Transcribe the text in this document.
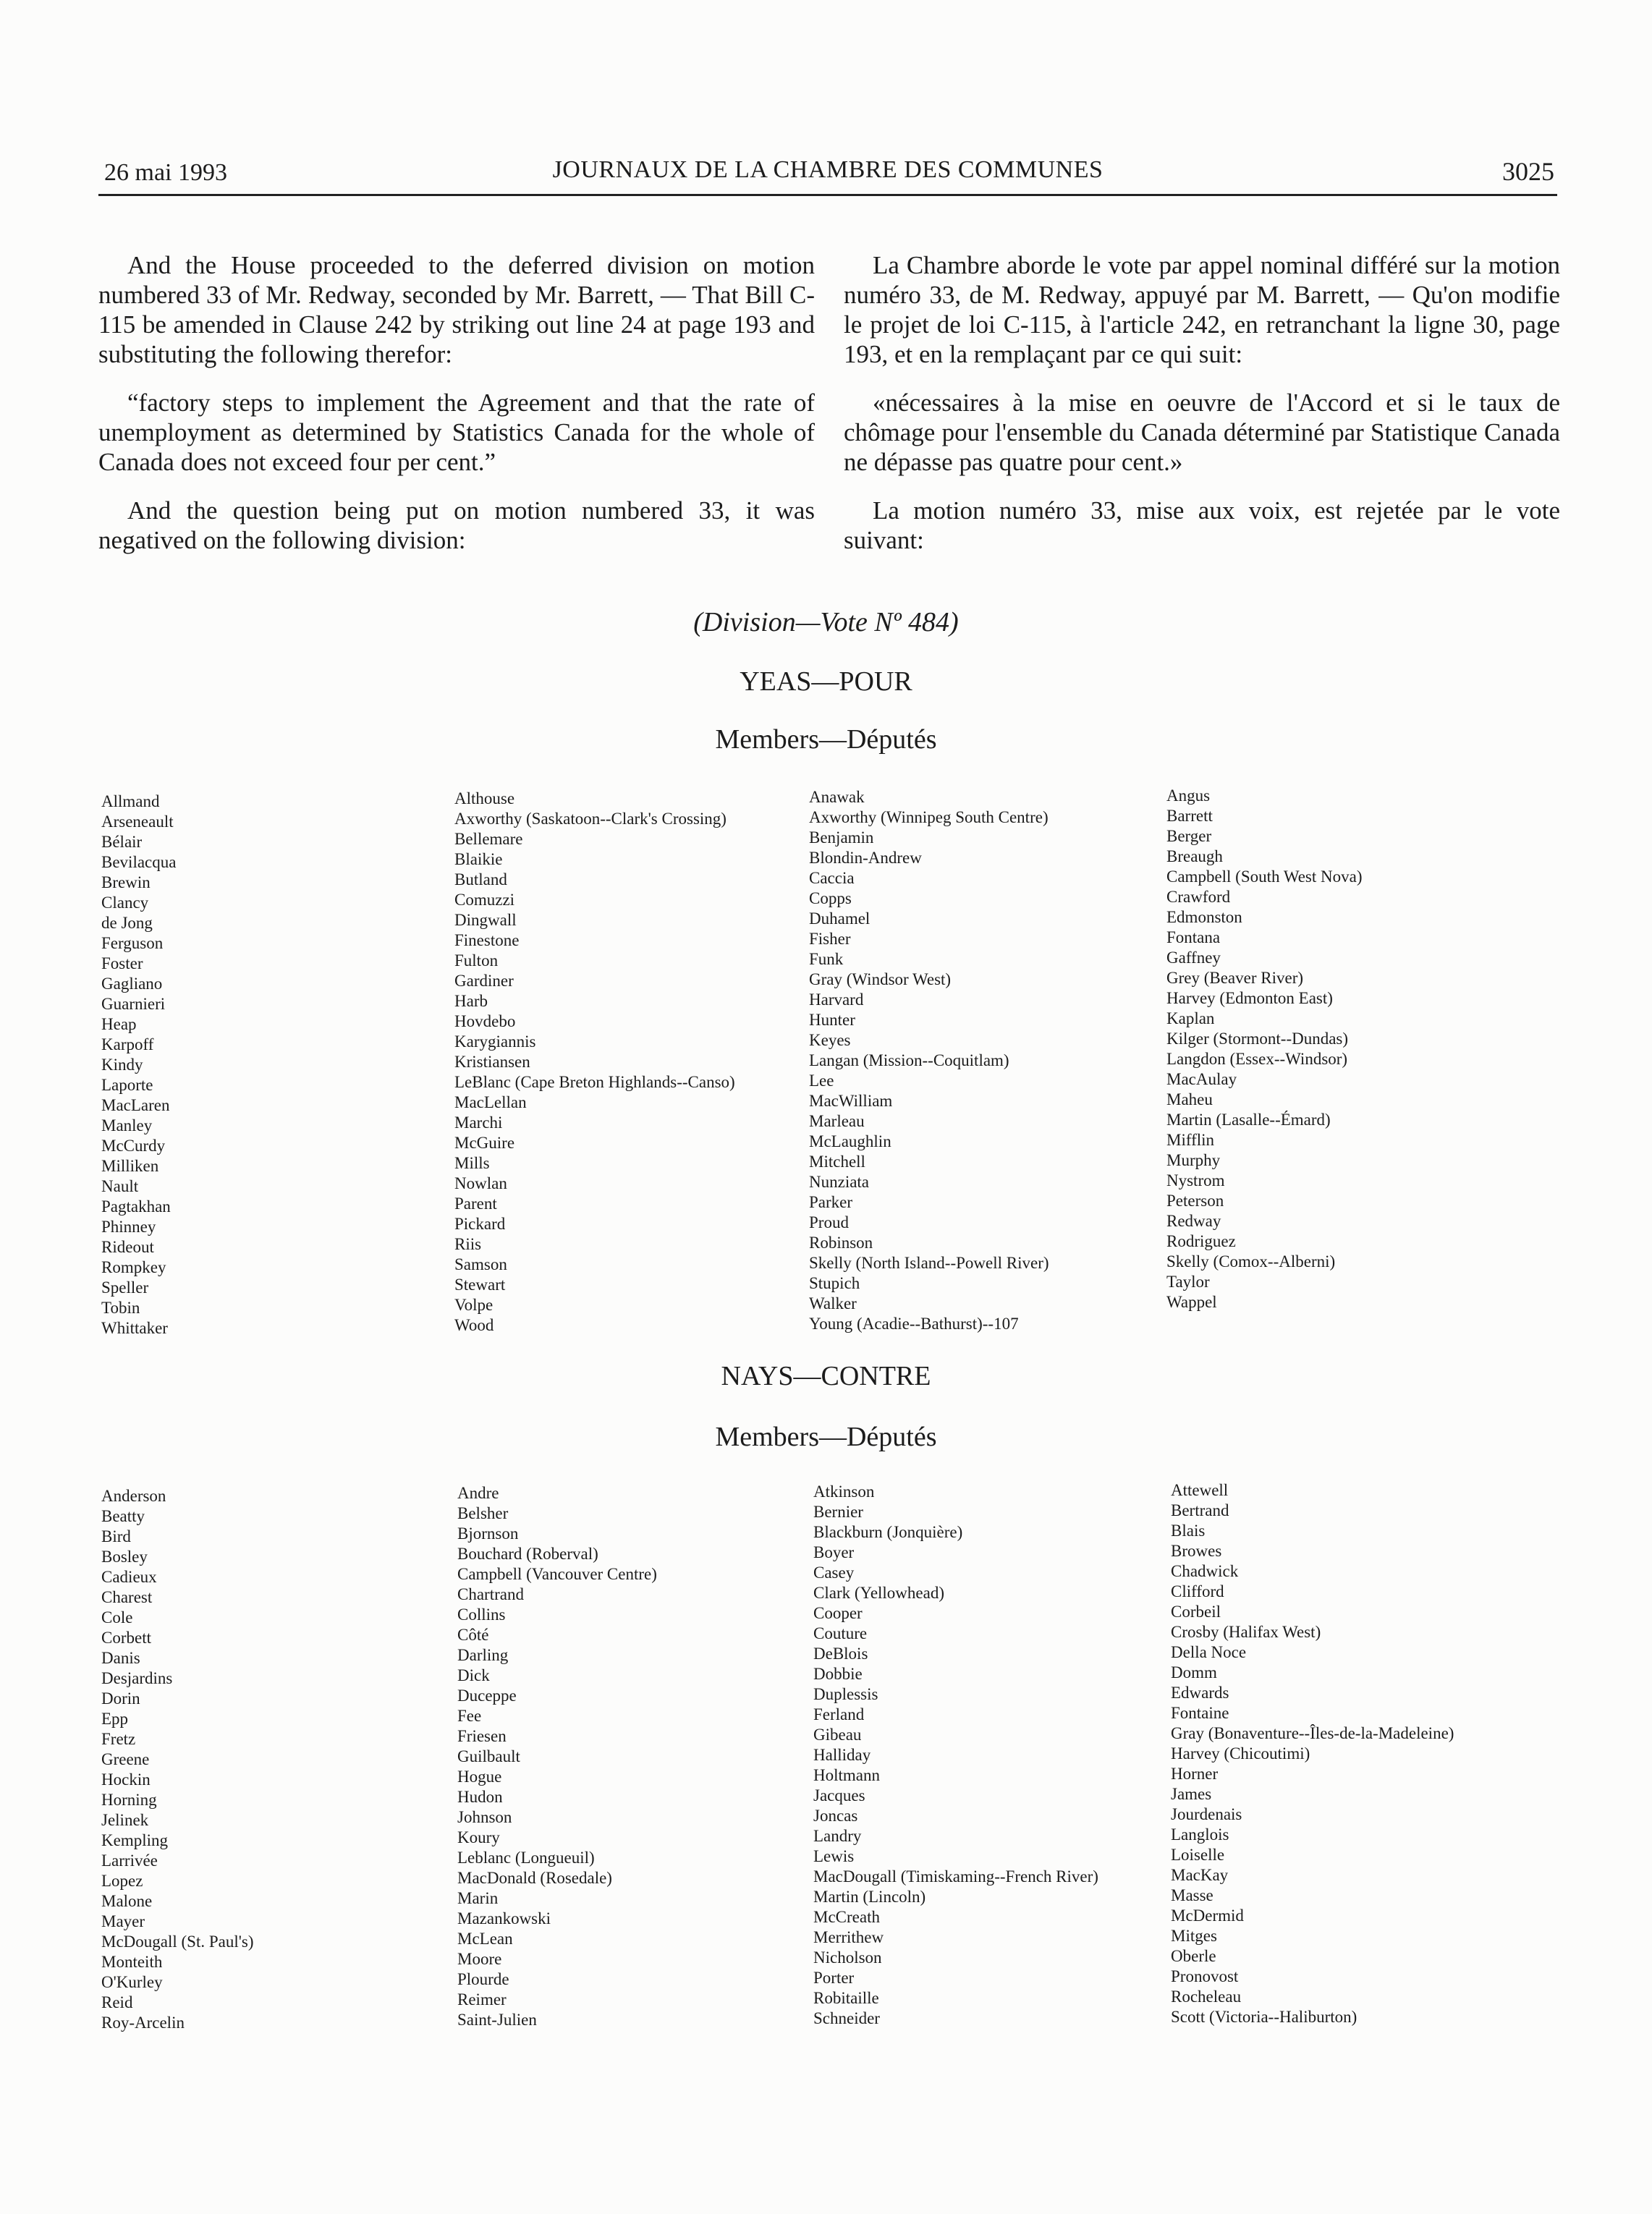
26 mai 1993	JOURNAUX DE LA CHAMBRE DES COMMUNES	3025

And the House proceeded to the deferred division on motion numbered 33 of Mr. Redway, seconded by Mr. Barrett, — That Bill C-115 be amended in Clause 242 by striking out line 24 at page 193 and substituting the following therefor:

“factory steps to implement the Agreement and that the rate of unemployment as determined by Statistics Canada for the whole of Canada does not exceed four per cent.”

And the question being put on motion numbered 33, it was negatived on the following division:

La Chambre aborde le vote par appel nominal différé sur la motion numéro 33, de M. Redway, appuyé par M. Barrett, — Qu'on modifie le projet de loi C-115, à l'article 242, en retranchant la ligne 30, page 193, et en la remplaçant par ce qui suit:

«nécessaires à la mise en oeuvre de l'Accord et si le taux de chômage pour l'ensemble du Canada déterminé par Statistique Canada ne dépasse pas quatre pour cent.»

La motion numéro 33, mise aux voix, est rejetée par le vote suivant:

(Division—Vote Nº 484)
YEAS—POUR
Members—Députés
Allmand
Arseneault
Bélair
Bevilacqua
Brewin
Clancy
de Jong
Ferguson
Foster
Gagliano
Guarnieri
Heap
Karpoff
Kindy
Laporte
MacLaren
Manley
McCurdy
Milliken
Nault
Pagtakhan
Phinney
Rideout
Rompkey
Speller
Tobin
Whittaker
Althouse
Axworthy (Saskatoon--Clark's Crossing)
Bellemare
Blaikie
Butland
Comuzzi
Dingwall
Finestone
Fulton
Gardiner
Harb
Hovdebo
Karygiannis
Kristiansen
LeBlanc (Cape Breton Highlands--Canso)
MacLellan
Marchi
McGuire
Mills
Nowlan
Parent
Pickard
Riis
Samson
Stewart
Volpe
Wood
Anawak
Axworthy (Winnipeg South Centre)
Benjamin
Blondin-Andrew
Caccia
Copps
Duhamel
Fisher
Funk
Gray (Windsor West)
Harvard
Hunter
Keyes
Langan (Mission--Coquitlam)
Lee
MacWilliam
Marleau
McLaughlin
Mitchell
Nunziata
Parker
Proud
Robinson
Skelly (North Island--Powell River)
Stupich
Walker
Young (Acadie--Bathurst)--107
Angus
Barrett
Berger
Breaugh
Campbell (South West Nova)
Crawford
Edmonston
Fontana
Gaffney
Grey (Beaver River)
Harvey (Edmonton East)
Kaplan
Kilger (Stormont--Dundas)
Langdon (Essex--Windsor)
MacAulay
Maheu
Martin (Lasalle--Émard)
Mifflin
Murphy
Nystrom
Peterson
Redway
Rodriguez
Skelly (Comox--Alberni)
Taylor
Wappel
NAYS—CONTRE
Members—Députés
Anderson
Beatty
Bird
Bosley
Cadieux
Charest
Cole
Corbett
Danis
Desjardins
Dorin
Epp
Fretz
Greene
Hockin
Horning
Jelinek
Kempling
Larrivée
Lopez
Malone
Mayer
McDougall (St. Paul's)
Monteith
O'Kurley
Reid
Roy-Arcelin
Andre
Belsher
Bjornson
Bouchard (Roberval)
Campbell (Vancouver Centre)
Chartrand
Collins
Côté
Darling
Dick
Duceppe
Fee
Friesen
Guilbault
Hogue
Hudon
Johnson
Koury
Leblanc (Longueuil)
MacDonald (Rosedale)
Marin
Mazankowski
McLean
Moore
Plourde
Reimer
Saint-Julien
Atkinson
Bernier
Blackburn (Jonquière)
Boyer
Casey
Clark (Yellowhead)
Cooper
Couture
DeBlois
Dobbie
Duplessis
Ferland
Gibeau
Halliday
Holtmann
Jacques
Joncas
Landry
Lewis
MacDougall (Timiskaming--French River)
Martin (Lincoln)
McCreath
Merrithew
Nicholson
Porter
Robitaille
Schneider
Attewell
Bertrand
Blais
Browes
Chadwick
Clifford
Corbeil
Crosby (Halifax West)
Della Noce
Domm
Edwards
Fontaine
Gray (Bonaventure--Îles-de-la-Madeleine)
Harvey (Chicoutimi)
Horner
James
Jourdenais
Langlois
Loiselle
MacKay
Masse
McDermid
Mitges
Oberle
Pronovost
Rocheleau
Scott (Victoria--Haliburton)
